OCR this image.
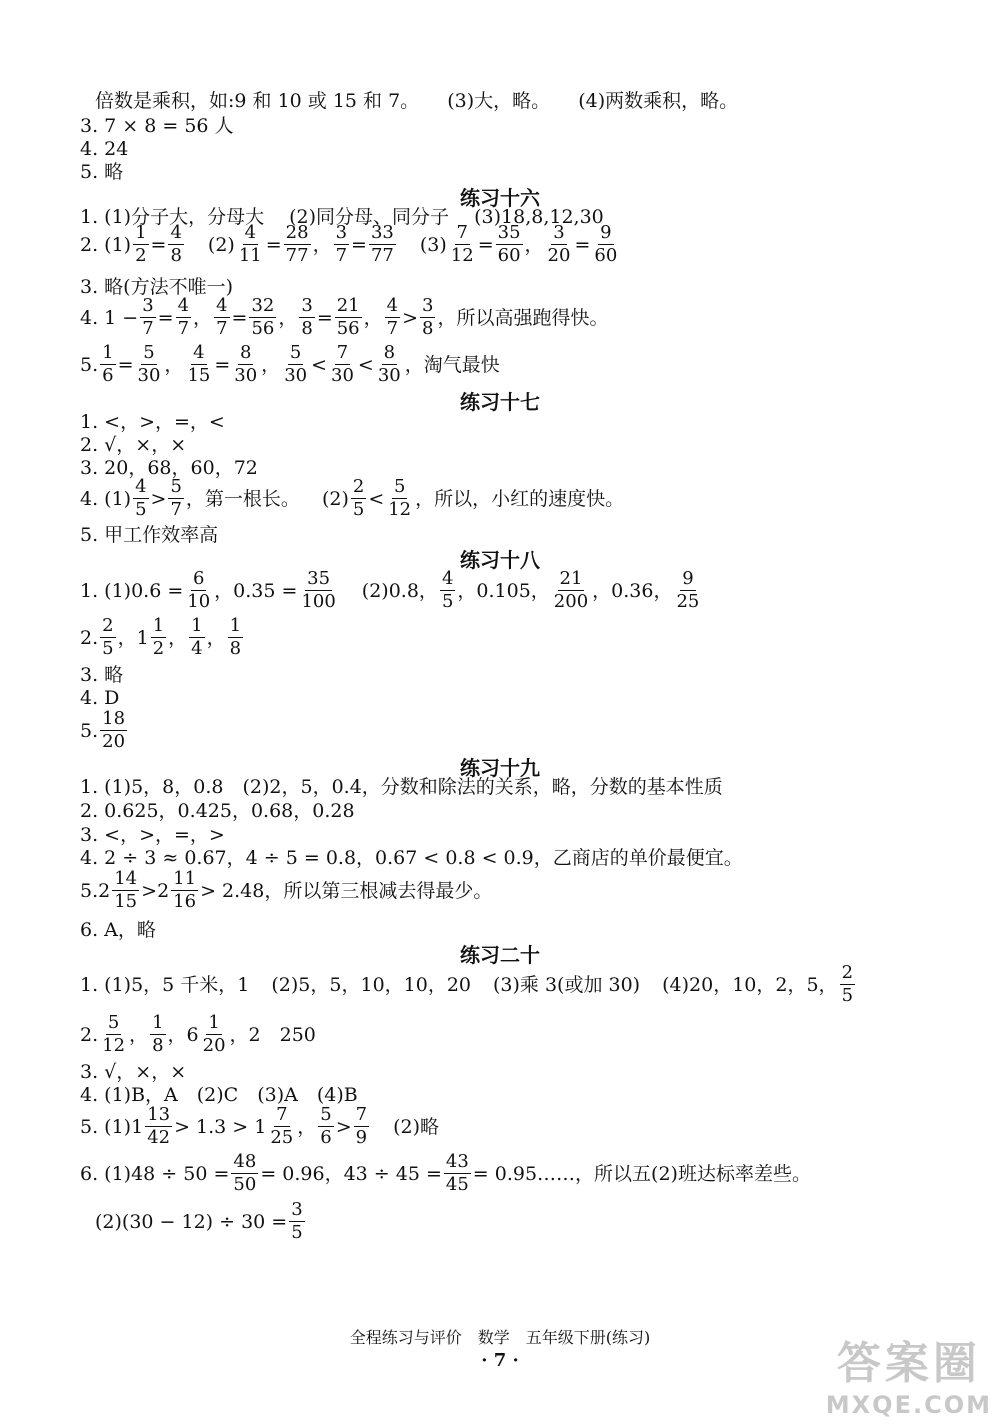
倍数是乘积，如:9 和 10 或 15 和 7。 (3)大，略。 (4)两数乘积，略。
3. 7 × 8 = 56 人
4. 24
5. 略
练习十六
1. (1)分子大，分母大　 (2)同分母、同分子　 (3)18,8,12,30
2. $(1) \frac{1}{2} = \frac{4}{8} (2) \frac{4}{11} = \frac{28}{77}$ ， $\frac{3}{7} = \frac{33}{77} (3) \frac{7}{12} = \frac{35}{60}$ ， $\frac{3}{20} = \frac{9}{60}$
3. 略(方法不唯一)
4. $1 - \frac{3}{7} = \frac{4}{7}$ ， $\frac{4}{7} = \frac{32}{56}$ ， $\frac{3}{8} = \frac{21}{56}$ ， $\frac{4}{7} > \frac{3}{8}$ ，所以高强跑得快。
5. $\frac{1}{6} = \frac{5}{30}$ ， $\frac{4}{15} = \frac{8}{30}$ ， $\frac{5}{30} < \frac{7}{30} < \frac{8}{30}$ ，淘气最快
练习十七
1. <，>，=，<
2. √，×，×
3. 20，68，60，72
4. $(1) \frac{4}{5} > \frac{5}{7}$ ，第一根长。 $(2) \frac{2}{5} < \frac{5}{12}$ ，所以，小红的速度快。
5. 甲工作效率高
练习十八
1. $(1)0.6 = \frac{6}{10}$ ，$0.35 = \frac{35}{100} (2)0.8$， $\frac{4}{5}$ ，0.105， $\frac{21}{200}$ ，0.36， $\frac{9}{25}$
2. $\frac{2}{5}$ ， $1 \frac{1}{2}$ ， $\frac{1}{4}$ ， $\frac{1}{8}$
3. 略
4. D
5. $\frac{18}{20}$
练习十九
1. (1)5，8，0.8　(2)2，5，0.4，分数和除法的关系，略，分数的基本性质
2. 0.625，0.425，0.68，0.28
3. <，>，=，>
4. 2 ÷ 3 ≈ 0.67，4 ÷ 5 = 0.8，0.67 < 0.8 < 0.9，乙商店的单价最便宜。
5. $2 \frac{14}{15} > 2 \frac{11}{16} > 2.48$，所以第三根减去得最少。
6. A，略
练习二十
1. (1)5，5 千米，1 (2)5，5，10，10，20 (3)乘 3(或加 30) (4)20，10，2，5， $\frac{2}{5}$
2. $\frac{5}{12}$ ， $\frac{1}{8}$ ， $6 \frac{1}{20}$ ，2　250
3. √，×，×
4. (1)B，A　(2)C　(3)A　(4)B
5. (1) $1 \frac{13}{42} > 1.3 > 1 \frac{7}{25}$ ， $\frac{5}{6} > \frac{7}{9} (2)$略
6. $(1)48 \div 50 = \frac{48}{50} = 0.96$，$43 \div 45 = \frac{43}{45}$ = 0.95……，所以五(2)班达标率差些。
$(2)(30 - 12) \div 30 = \frac{3}{5}$
全程练习与评价　数学　五年级下册(练习)
· 7 ·	答案圈
MXQE.COM
